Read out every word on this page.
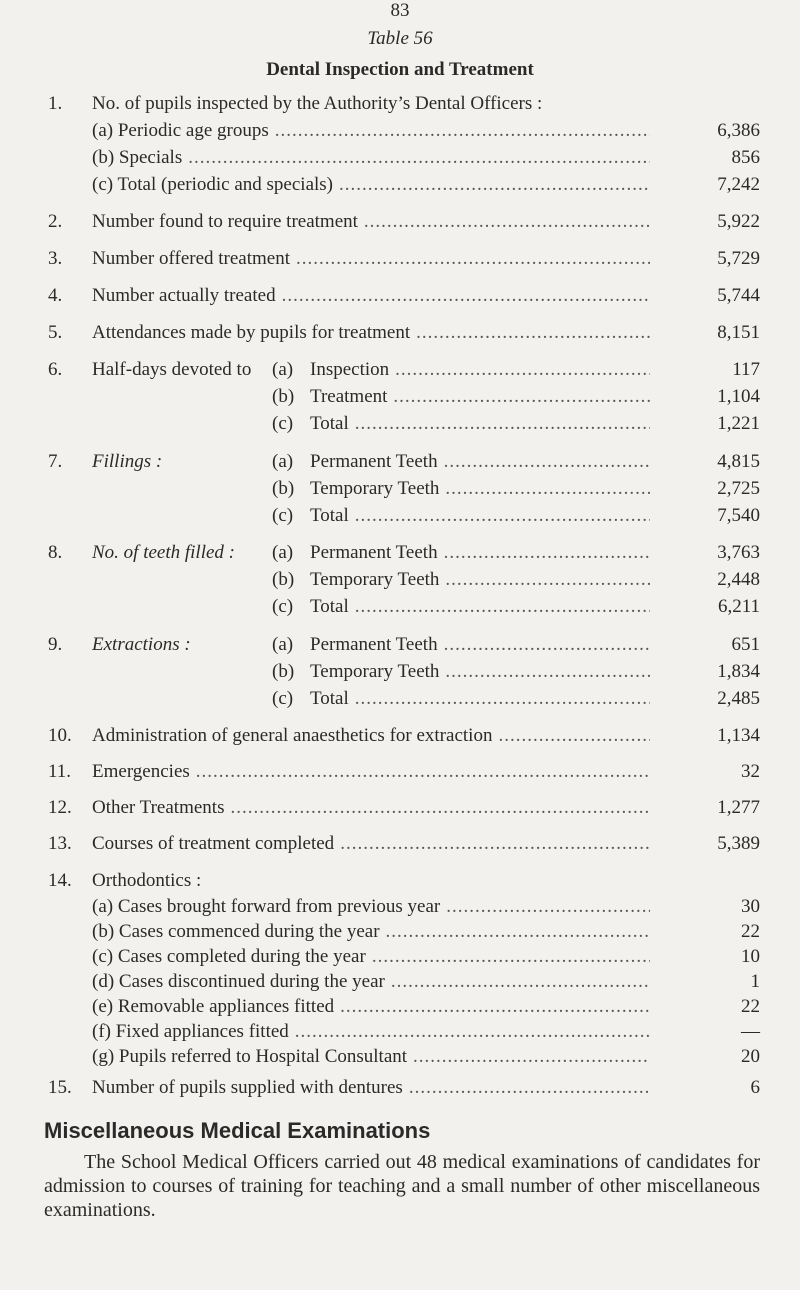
83
Table 56
Dental Inspection and Treatment
1.	No. of pupils inspected by the Authority’s Dental Officers :
(a) Periodic age groups .....	6,386
(b) Specials .....	856
(c) Total (periodic and specials) .....	7,242
2.	Number found to require treatment .....	5,922
3.	Number offered treatment .....	5,729
4.	Number actually treated .....	5,744
5.	Attendances made by pupils for treatment .....	8,151
6.	Half-days devoted to (a) Inspection .....	117
(b) Treatment .....	1,104
(c) Total .....	1,221
7.	Fillings :	(a) Permanent Teeth .....	4,815
(b) Temporary Teeth .....	2,725
(c) Total .....	7,540
8.	No. of teeth filled : (a) Permanent Teeth .....	3,763
(b) Temporary Teeth .....	2,448
(c) Total .....	6,211
9.	Extractions :	(a) Permanent Teeth .....	651
(b) Temporary Teeth .....	1,834
(c) Total .....	2,485
10.	Administration of general anaesthetics for extraction .....	1,134
11.	Emergencies .....	32
12.	Other Treatments .....	1,277
13.	Courses of treatment completed .....	5,389
14.	Orthodontics :
(a) Cases brought forward from previous year .....	30
(b) Cases commenced during the year .....	22
(c) Cases completed during the year .....	10
(d) Cases discontinued during the year .....	1
(e) Removable appliances fitted .....	22
(f) Fixed appliances fitted .....	—
(g) Pupils referred to Hospital Consultant .....	20
15.	Number of pupils supplied with dentures .....	6
Miscellaneous Medical Examinations
The School Medical Officers carried out 48 medical examinations of candidates for admission to courses of training for teaching and a small number of other miscellaneous examinations.
